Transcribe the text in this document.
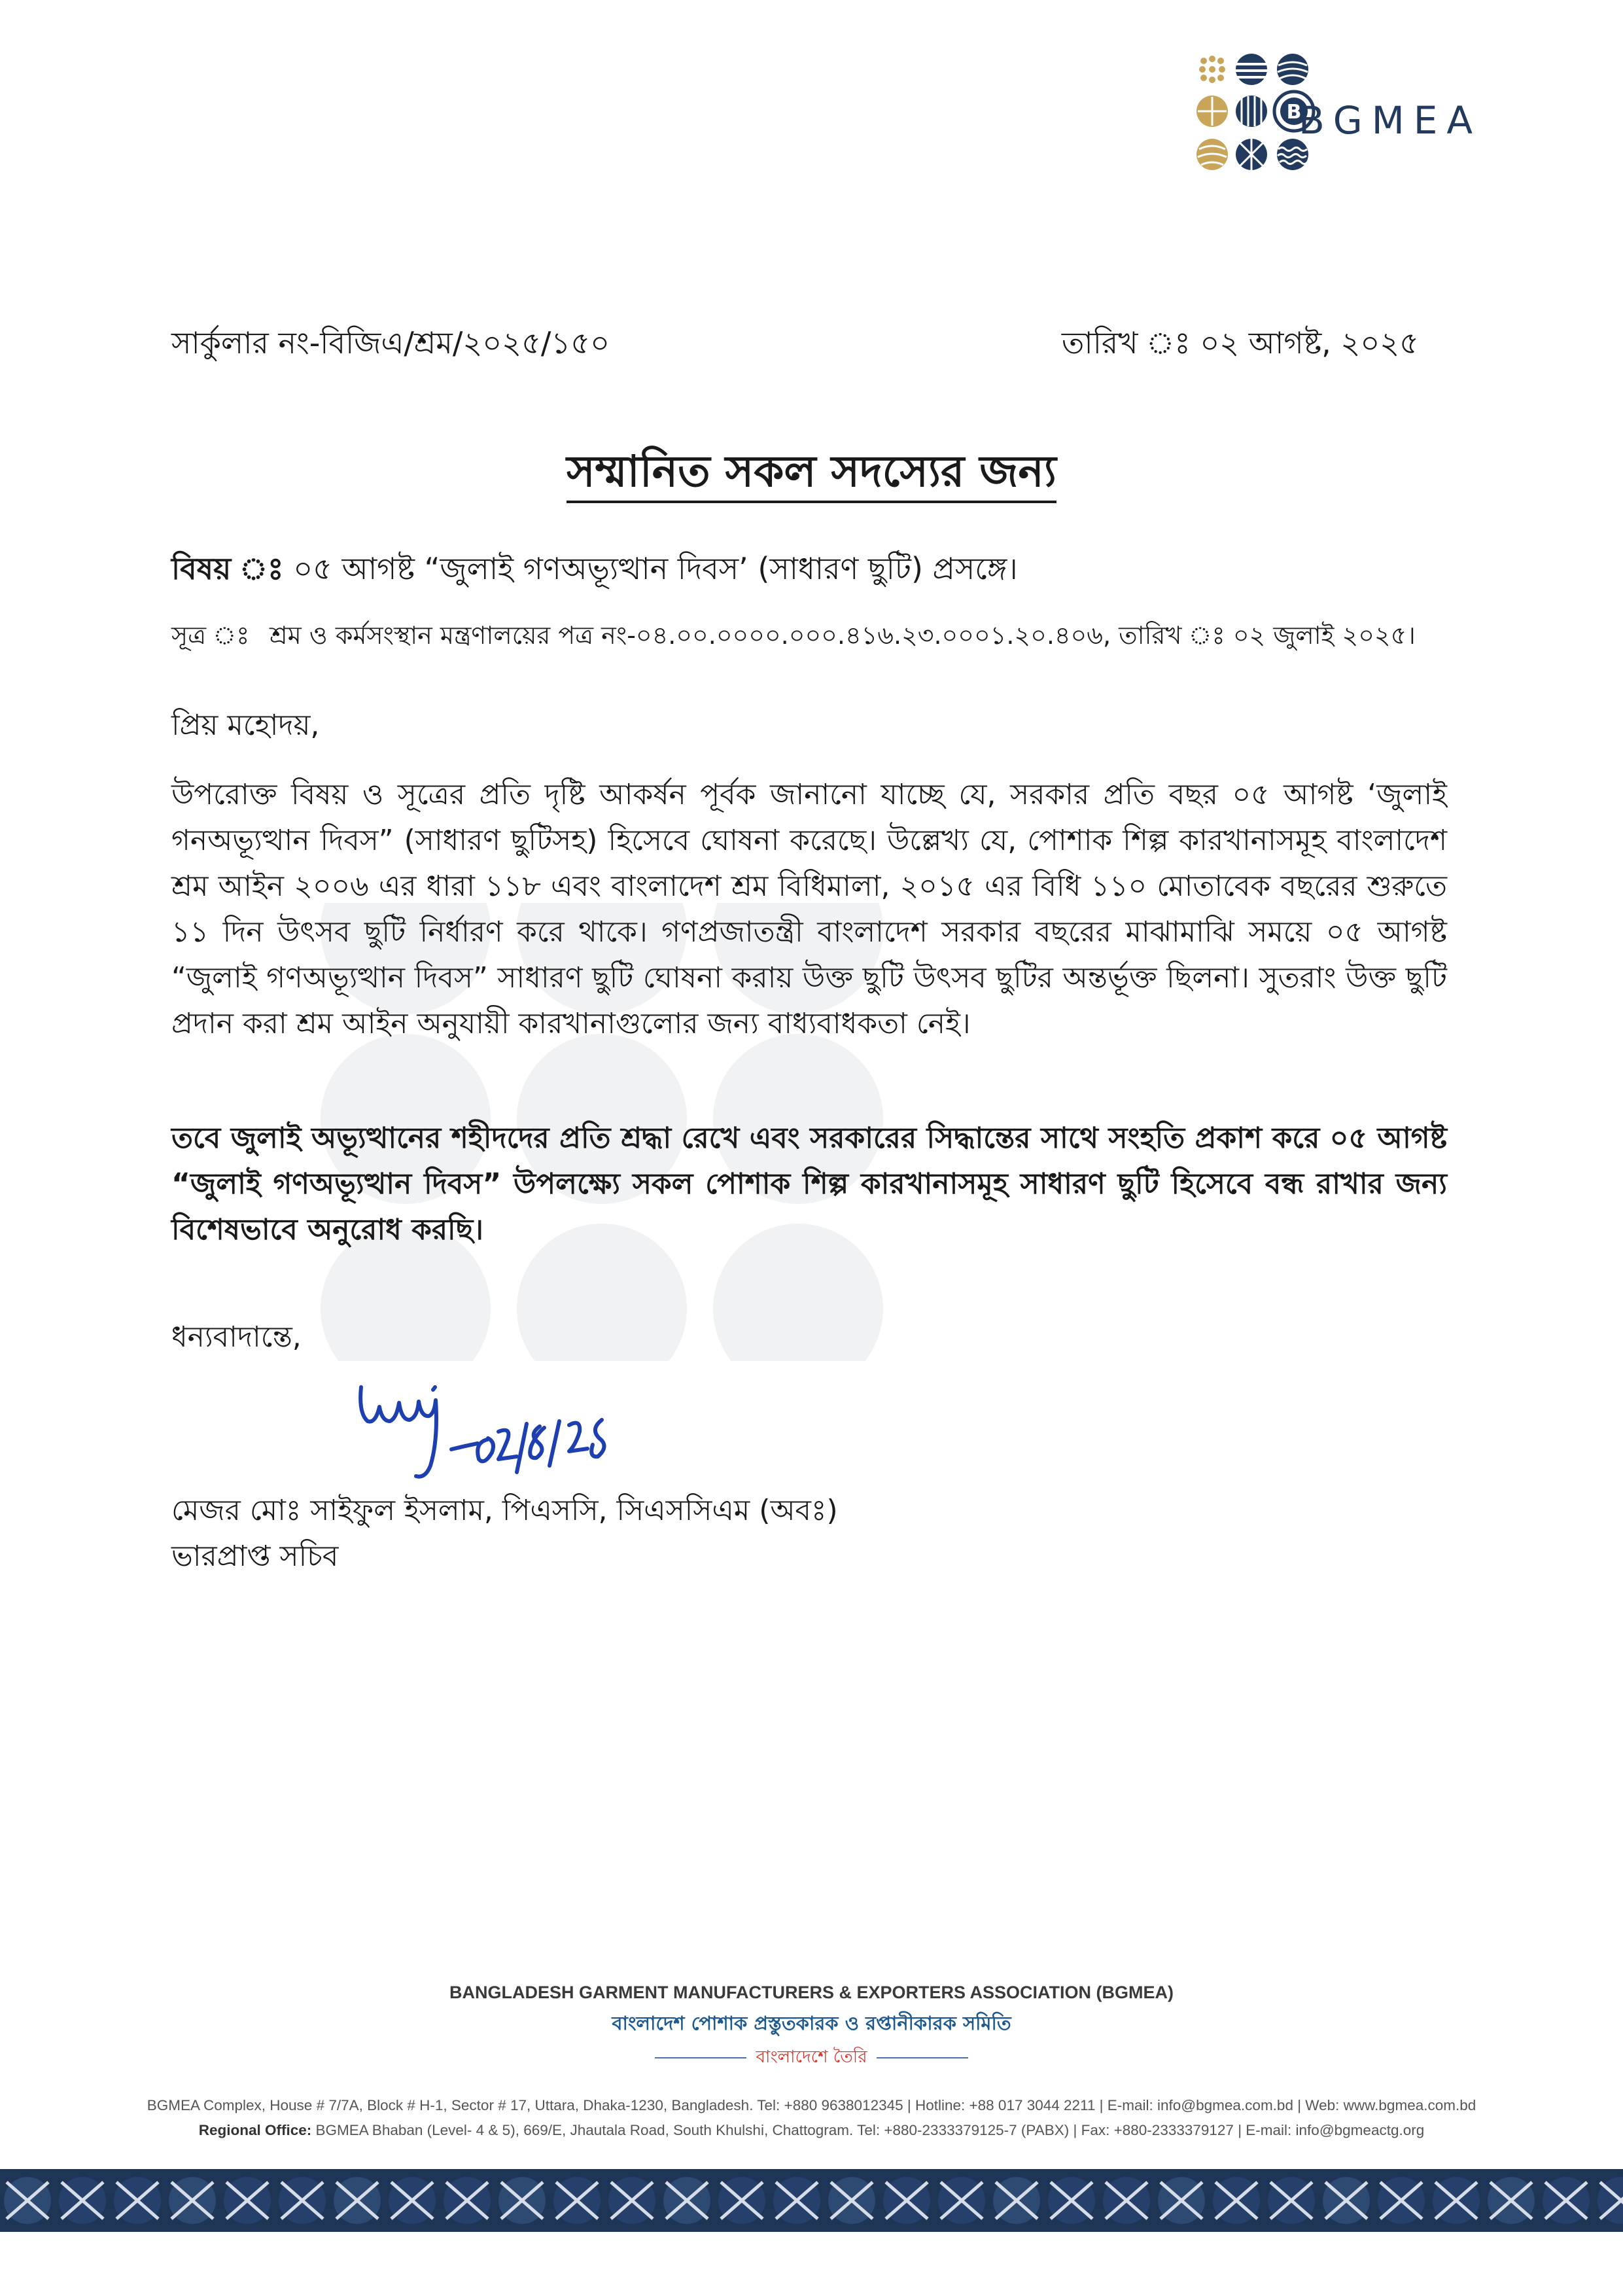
B
BGMEA
সার্কুলার নং-বিজিএ/শ্রম/২০২৫/১৫০	তারিখ ঃ ০২ আগষ্ট, ২০২৫
সম্মানিত সকল সদস্যের জন্য
বিষয় ঃ ০৫ আগষ্ট “জুলাই গণঅভ্যূত্থান দিবস’ (সাধারণ ছুটি) প্রসঙ্গে।
সূত্র ঃ শ্রম ও কর্মসংস্থান মন্ত্রণালয়ের পত্র নং-০৪.০০.০০০০.০০০.৪১৬.২৩.০০০১.২০.৪০৬, তারিখ ঃ ০২ জুলাই ২০২৫।
প্রিয় মহোদয়,
উপরোক্ত বিষয় ও সূত্রের প্রতি দৃষ্টি আকর্ষন পূর্বক জানানো যাচ্ছে যে, সরকার প্রতি বছর ০৫ আগষ্ট ‘জুলাই গনঅভ্যূত্থান দিবস” (সাধারণ ছুটিসহ) হিসেবে ঘোষনা করেছে। উল্লেখ্য যে, পোশাক শিল্প কারখানাসমূহ বাংলাদেশ শ্রম আইন ২০০৬ এর ধারা ১১৮ এবং বাংলাদেশ শ্রম বিধিমালা, ২০১৫ এর বিধি ১১০ মোতাবেক বছরের শুরুতে ১১ দিন উৎসব ছুটি নির্ধারণ করে থাকে। গণপ্রজাতন্ত্রী বাংলাদেশ সরকার বছরের মাঝামাঝি সময়ে ০৫ আগষ্ট “জুলাই গণঅভ্যূত্থান দিবস” সাধারণ ছুটি ঘোষনা করায় উক্ত ছুটি উৎসব ছুটির অন্তর্ভূক্ত ছিলনা। সুতরাং উক্ত ছুটি প্রদান করা শ্রম আইন অনুযায়ী কারখানাগুলোর জন্য বাধ্যবাধকতা নেই।
তবে জুলাই অভ্যূত্থানের শহীদদের প্রতি শ্রদ্ধা রেখে এবং সরকারের সিদ্ধান্তের সাথে সংহতি প্রকাশ করে ০৫ আগষ্ট “জুলাই গণঅভ্যূত্থান দিবস” উপলক্ষ্যে সকল পোশাক শিল্প কারখানাসমূহ সাধারণ ছুটি হিসেবে বন্ধ রাখার জন্য বিশেষভাবে অনুরোধ করছি।
ধন্যবাদান্তে,
মেজর মোঃ সাইফুল ইসলাম, পিএসসি, সিএসসিএম (অবঃ)
ভারপ্রাপ্ত সচিব
BANGLADESH GARMENT MANUFACTURERS & EXPORTERS ASSOCIATION (BGMEA)
বাংলাদেশ পোশাক প্রস্তুতকারক ও রপ্তানীকারক সমিতি
বাংলাদেশে তৈরি
BGMEA Complex, House # 7/7A, Block # H-1, Sector # 17, Uttara, Dhaka-1230, Bangladesh. Tel: +880 9638012345 | Hotline: +88 017 3044 2211 | E-mail: info@bgmea.com.bd | Web: www.bgmea.com.bd
Regional Office: BGMEA Bhaban (Level- 4 & 5), 669/E, Jhautala Road, South Khulshi, Chattogram. Tel: +880-2333379125-7 (PABX) | Fax: +880-2333379127 | E-mail: info@bgmeactg.org
